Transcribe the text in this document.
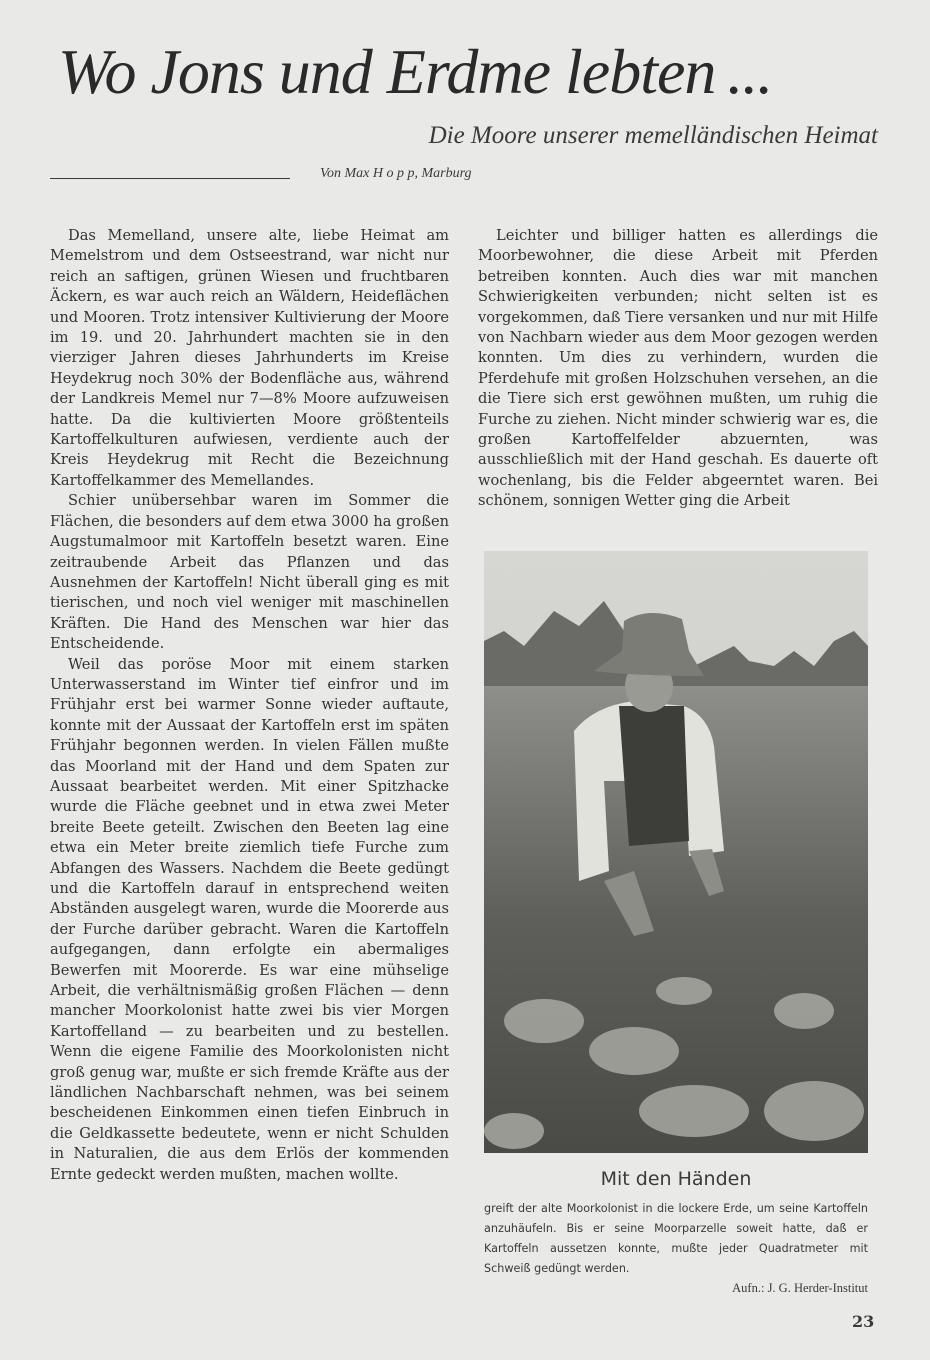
Wo Jons und Erdme lebten ...
Die Moore unserer memelländischen Heimat
Von Max H o p p, Marburg

Das Memelland, unsere alte, liebe Heimat am Memelstrom und dem Ostseestrand, war nicht nur reich an saftigen, grünen Wiesen und fruchtbaren Äckern, es war auch reich an Wäldern, Heideflächen und Mooren. Trotz intensiver Kultivierung der Moore im 19. und 20. Jahrhundert machten sie in den vierziger Jahren dieses Jahrhunderts im Kreise Heydekrug noch 30% der Bodenfläche aus, während der Landkreis Memel nur 7—8% Moore aufzuweisen hatte. Da die kultivierten Moore größtenteils Kartoffelkulturen aufwiesen, verdiente auch der Kreis Heydekrug mit Recht die Bezeichnung Kartoffelkammer des Memellandes.

Schier unübersehbar waren im Sommer die Flächen, die besonders auf dem etwa 3000 ha großen Augstumalmoor mit Kartoffeln besetzt waren. Eine zeitraubende Arbeit das Pflanzen und das Ausnehmen der Kartoffeln! Nicht überall ging es mit tierischen, und noch viel weniger mit maschinellen Kräften. Die Hand des Menschen war hier das Entscheidende.

Weil das poröse Moor mit einem starken Unterwasserstand im Winter tief einfror und im Frühjahr erst bei warmer Sonne wieder auftaute, konnte mit der Aussaat der Kartoffeln erst im späten Frühjahr begonnen werden. In vielen Fällen mußte das Moorland mit der Hand und dem Spaten zur Aussaat bearbeitet werden. Mit einer Spitzhacke wurde die Fläche geebnet und in etwa zwei Meter breite Beete geteilt. Zwischen den Beeten lag eine etwa ein Meter breite ziemlich tiefe Furche zum Abfangen des Wassers. Nachdem die Beete gedüngt und die Kartoffeln darauf in entsprechend weiten Abständen ausgelegt waren, wurde die Moorerde aus der Furche darüber gebracht. Waren die Kartoffeln aufgegangen, dann erfolgte ein abermaliges Bewerfen mit Moorerde. Es war eine mühselige Arbeit, die verhältnismäßig großen Flächen — denn mancher Moorkolonist hatte zwei bis vier Morgen Kartoffelland — zu bearbeiten und zu bestellen. Wenn die eigene Familie des Moorkolonisten nicht groß genug war, mußte er sich fremde Kräfte aus der ländlichen Nachbarschaft nehmen, was bei seinem bescheidenen Einkommen einen tiefen Einbruch in die Geldkassette bedeutete, wenn er nicht Schulden in Naturalien, die aus dem Erlös der kommenden Ernte gedeckt werden mußten, machen wollte.

Leichter und billiger hatten es allerdings die Moorbewohner, die diese Arbeit mit Pferden betreiben konnten. Auch dies war mit manchen Schwierigkeiten verbunden; nicht selten ist es vorgekommen, daß Tiere versanken und nur mit Hilfe von Nachbarn wieder aus dem Moor gezogen werden konnten. Um dies zu verhindern, wurden die Pferdehufe mit großen Holzschuhen versehen, an die die Tiere sich erst gewöhnen mußten, um ruhig die Furche zu ziehen. Nicht minder schwierig war es, die großen Kartoffelfelder abzuernten, was ausschließlich mit der Hand geschah. Es dauerte oft wochenlang, bis die Felder abgeerntet waren. Bei schönem, sonnigen Wetter ging die Arbeit

Mit den Händen
greift der alte Moorkolonist in die lockere Erde, um seine Kartoffeln anzuhäufeln. Bis er seine Moorparzelle soweit hatte, daß er Kartoffeln aussetzen konnte, mußte jeder Quadratmeter mit Schweiß gedüngt werden.
Aufn.: J. G. Herder-Institut
23
